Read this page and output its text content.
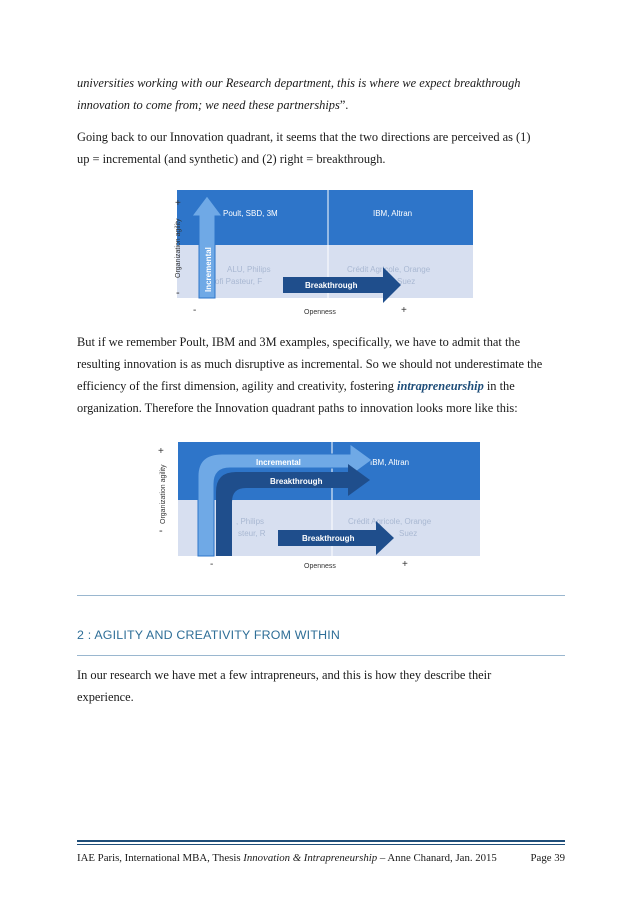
universities working with our Research department, this is where we expect breakthrough
innovation to come from; we need these partnerships”.

Going back to our Innovation quadrant, it seems that the two directions are perceived as (1)
up = incremental (and synthetic) and (2) right = breakthrough.

+
-
Organization agility
Openness
-	+
Poult, SBD, 3M	IBM, Altran
ALU, Philips
ofi Pasteur, F
Crédit Agricole, Orange
Suez
Incremental	Breakthrough

But if we remember Poult, IBM and 3M examples, specifically, we have to admit that the
resulting innovation is as much disruptive as incremental. So we should not underestimate the
efficiency of the first dimension, agility and creativity, fostering intrapreneurship in the
organization. Therefore the Innovation quadrant paths to innovation looks more like this:

+
-
Organization agility
Openness
-	+
IBM, Altran
, Philips
steur, R
Crédit Agricole, Orange
Suez
Incremental
Breakthrough
Breakthrough
2 : AGILITY AND CREATIVITY FROM WITHIN

In our research we have met a few intrapreneurs, and this is how they describe their
experience.

IAE Paris, International MBA, Thesis Innovation & Intrapreneurship – Anne Chanard, Jan. 2015	Page 39
